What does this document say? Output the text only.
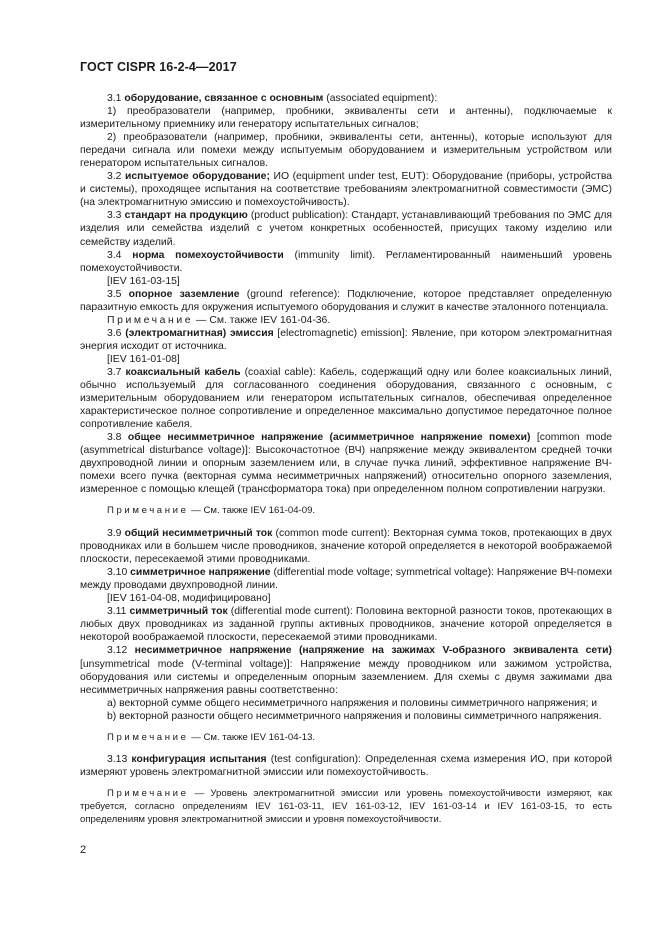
ГОСТ CISPR 16-2-4—2017

3.1 оборудование, связанное с основным (associated equipment):

1) преобразователи (например, пробники, эквиваленты сети и антенны), подключаемые к измерительному приемнику или генератору испытательных сигналов;

2) преобразователи (например, пробники, эквиваленты сети, антенны), которые используют для передачи сигнала или помехи между испытуемым оборудованием и измерительным устройством или генератором испытательных сигналов.

3.2 испытуемое оборудование; ИО (equipment under test, EUT): Оборудование (приборы, устройства и системы), проходящее испытания на соответствие требованиям электромагнитной совместимости (ЭМС) (на электромагнитную эмиссию и помехоустойчивость).

3.3 стандарт на продукцию (product publication): Стандарт, устанавливающий требования по ЭМС для изделия или семейства изделий с учетом конкретных особенностей, присущих такому изделию или семейству изделий.

3.4 норма помехоустойчивости (immunity limit). Регламентированный наименьший уровень помехоустойчивости.

[IEV 161-03-15]

3.5 опорное заземление (ground reference): Подключение, которое представляет определенную паразитную емкость для окружения испытуемого оборудования и служит в качестве эталонного потенциала.

Примечание — См. также IEV 161-04-36.

3.6 (электромагнитная) эмиссия [electromagnetic) emission]: Явление, при котором электромагнитная энергия исходит от источника.

[IEV 161-01-08]

3.7 коаксиальный кабель (coaxial cable): Кабель, содержащий одну или более коаксиальных линий, обычно используемый для согласованного соединения оборудования, связанного с основным, с измерительным оборудованием или генератором испытательных сигналов, обеспечивая определенное характеристическое полное сопротивление и определенное максимально допустимое передаточное полное сопротивление кабеля.

3.8 общее несимметричное напряжение (асимметричное напряжение помехи) [common mode (asymmetrical disturbance voltage)]: Высокочастотное (ВЧ) напряжение между эквивалентом средней точки двухпроводной линии и опорным заземлением или, в случае пучка линий, эффективное напряжение ВЧ-помехи всего пучка (векторная сумма несимметричных напряжений) относительно опорного заземления, измеренное с помощью клещей (трансформатора тока) при определенном полном сопротивлении нагрузки.

Примечание — См. также IEV 161-04-09.

3.9 общий несимметричный ток (common mode current): Векторная сумма токов, протекающих в двух проводниках или в большем числе проводников, значение которой определяется в некоторой воображаемой плоскости, пересекаемой этими проводниками.

3.10 симметричное напряжение (differential mode voltage; symmetrical voltage): Напряжение ВЧ-помехи между проводами двухпроводной линии.

[IEV 161-04-08, модифицировано]

3.11 симметричный ток (differential mode current): Половина векторной разности токов, протекающих в любых двух проводниках из заданной группы активных проводников, значение которой определяется в некоторой воображаемой плоскости, пересекаемой этими проводниками.

3.12 несимметричное напряжение (напряжение на зажимах V-образного эквивалента сети) [unsymmetrical mode (V-terminal voltage)]: Напряжение между проводником или зажимом устройства, оборудования или системы и определенным опорным заземлением. Для схемы с двумя зажимами два несимметричных напряжения равны соответственно:

а) векторной сумме общего несимметричного напряжения и половины симметричного напряжения; и

b) векторной разности общего несимметричного напряжения и половины симметричного напряжения.

Примечание — См. также IEV 161-04-13.

3.13 конфигурация испытания (test configuration): Определенная схема измерения ИО, при которой измеряют уровень электромагнитной эмиссии или помехоустойчивость.

Примечание — Уровень электромагнитной эмиссии или уровень помехоустойчивости измеряют, как требуется, согласно определениям IEV 161-03-11, IEV 161-03-12, IEV 161-03-14 и IEV 161-03-15, то есть определениям уровня электромагнитной эмиссии и уровня помехоустойчивости.

2
